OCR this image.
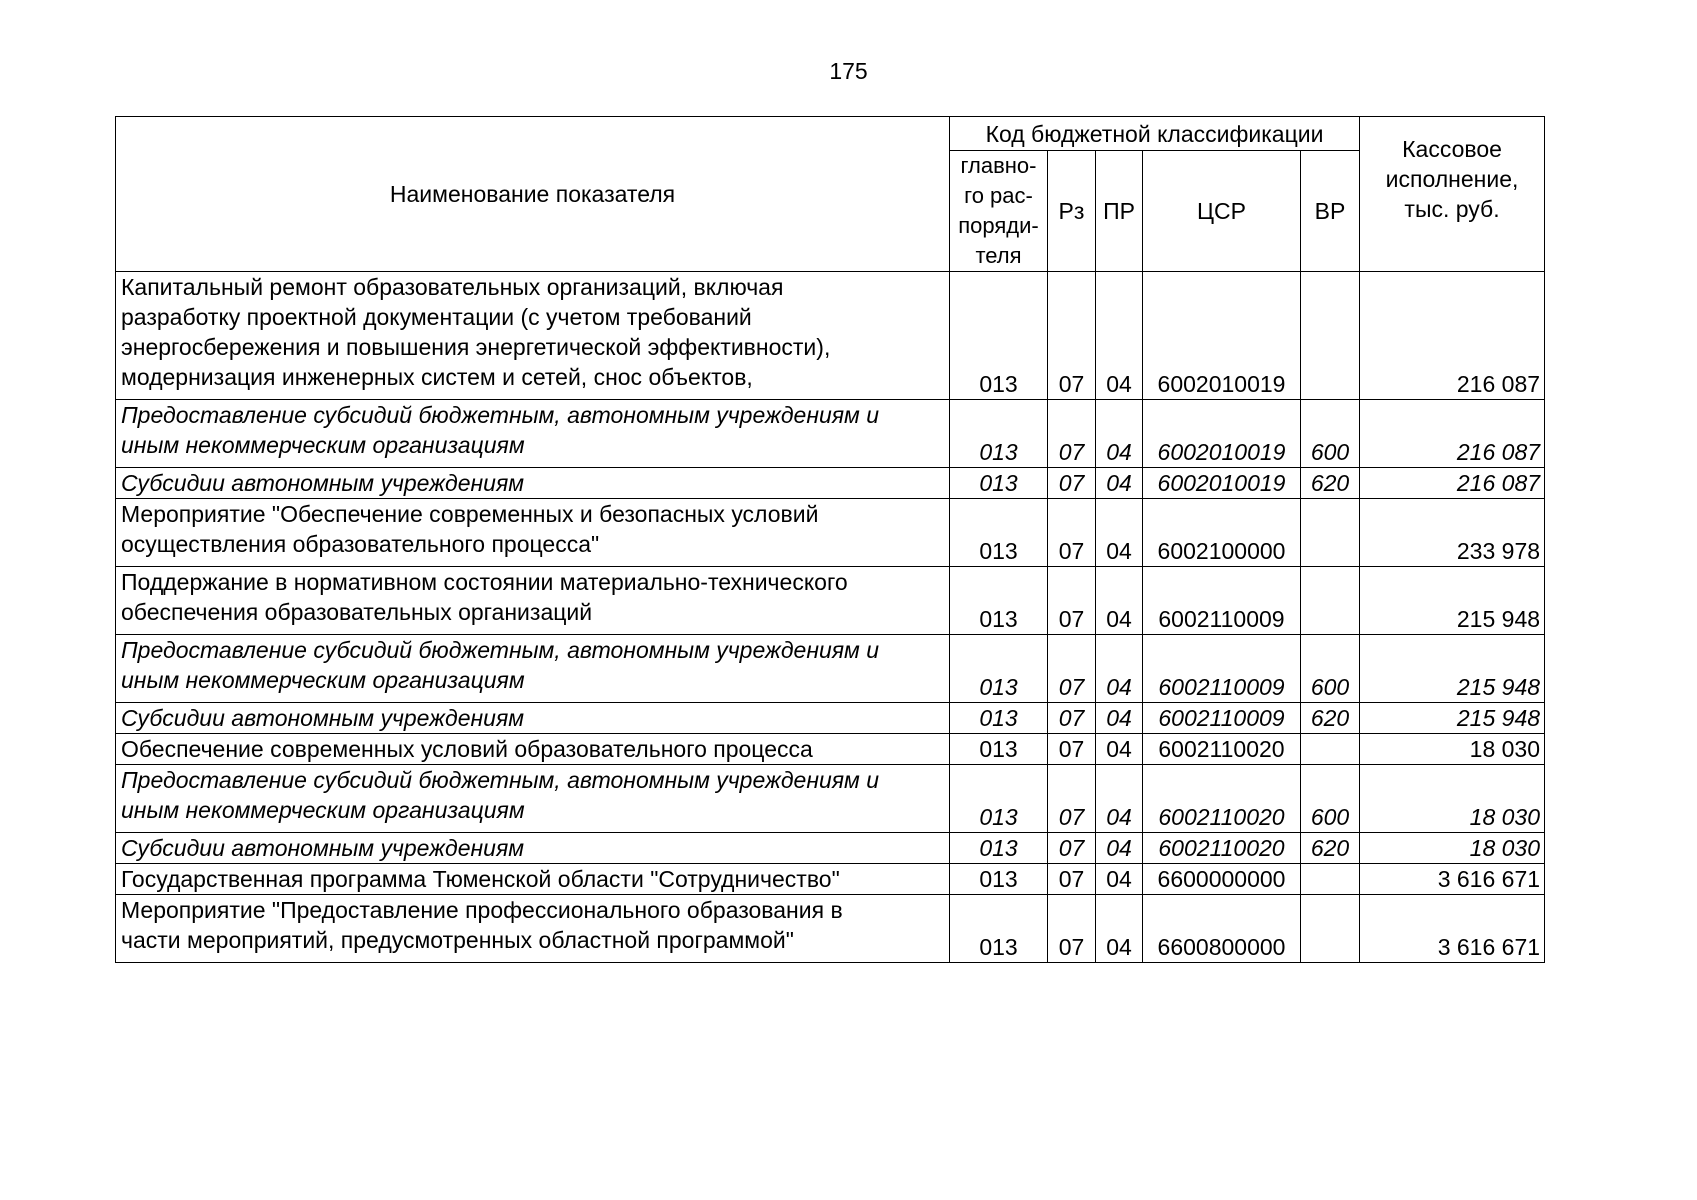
175
Наименование показателя	Код бюджетной классификации					Кассовое
исполнение,
тыс. руб.

	главно-
го рас-
поряди-
теля	Рз	ПР	ЦСР	ВР	

Капитальный ремонт образовательных организаций, включая
разработку проектной документации (с учетом требований
энергосбережения и повышения энергетической эффективности),
модернизация инженерных систем и сетей, снос объектов,	013	07	04	6002010019		216 087

Предоставление субсидий бюджетным, автономным учреждениям и
иным некоммерческим организациям	013	07	04	6002010019	600	216 087

Субсидии автономным учреждениям	013	07	04	6002010019	620	216 087

Мероприятие "Обеспечение современных и безопасных условий
осуществления образовательного процесса"	013	07	04	6002100000		233 978

Поддержание в нормативном состоянии материально-технического
обеспечения образовательных организаций	013	07	04	6002110009		215 948

Предоставление субсидий бюджетным, автономным учреждениям и
иным некоммерческим организациям	013	07	04	6002110009	600	215 948

Субсидии автономным учреждениям	013	07	04	6002110009	620	215 948

Обеспечение современных условий образовательного процесса	013	07	04	6002110020		18 030

Предоставление субсидий бюджетным, автономным учреждениям и
иным некоммерческим организациям	013	07	04	6002110020	600	18 030

Субсидии автономным учреждениям	013	07	04	6002110020	620	18 030

Государственная программа Тюменской области "Сотрудничество"	013	07	04	6600000000		3 616 671

Мероприятие "Предоставление профессионального образования в
части мероприятий, предусмотренных областной программой"	013	07	04	6600800000		3 616 671
